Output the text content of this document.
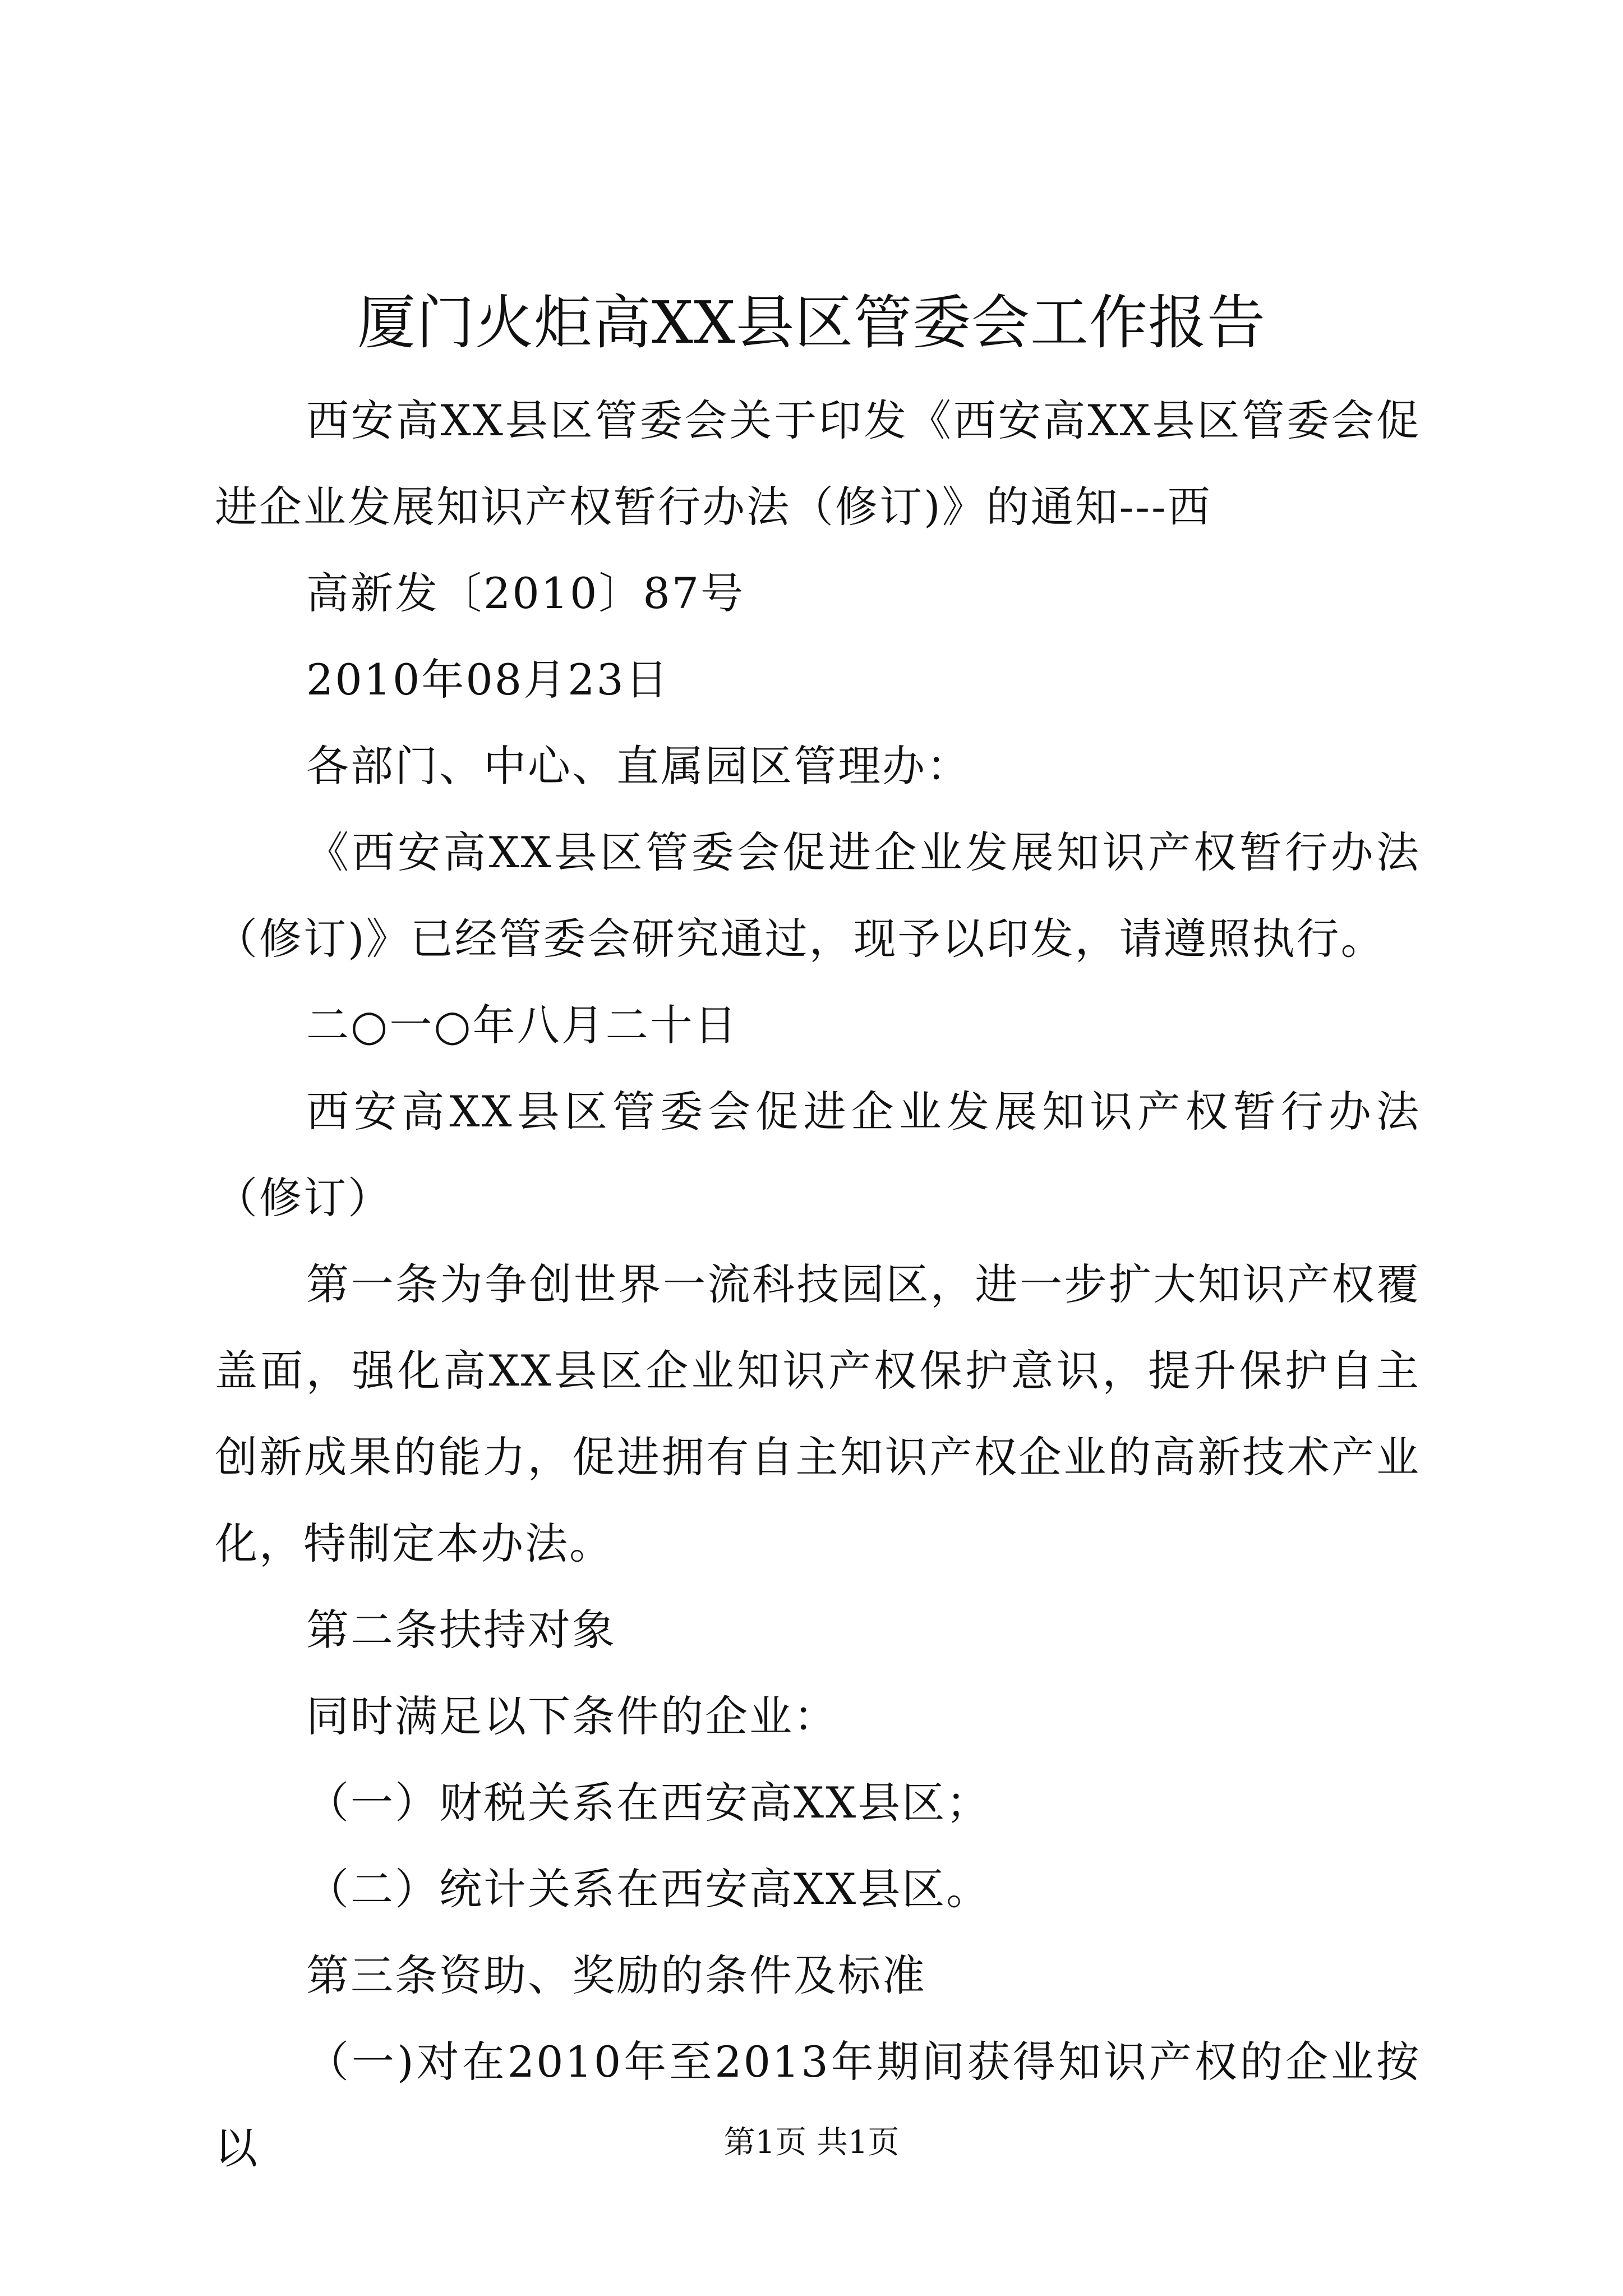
厦门火炬高XX县区管委会工作报告

西安高XX县区管委会关于印发《西安高XX县区管委会促进企业发展知识产权暂行办法（修订)》的通知---西

高新发〔2010〕87号

2010年08月23日

各部门、中心、直属园区管理办：

《西安高XX县区管委会促进企业发展知识产权暂行办法（修订)》已经管委会研究通过，现予以印发，请遵照执行。

二○一○年八月二十日

西安高XX县区管委会促进企业发展知识产权暂行办法（修订）

第一条为争创世界一流科技园区，进一步扩大知识产权覆盖面，强化高XX县区企业知识产权保护意识，提升保护自主创新成果的能力，促进拥有自主知识产权企业的高新技术产业化，特制定本办法。

第二条扶持对象

同时满足以下条件的企业：

（一）财税关系在西安高XX县区；

（二）统计关系在西安高XX县区。

第三条资助、奖励的条件及标准

（一)对在2010年至2013年期间获得知识产权的企业按以	第1页 共1页
